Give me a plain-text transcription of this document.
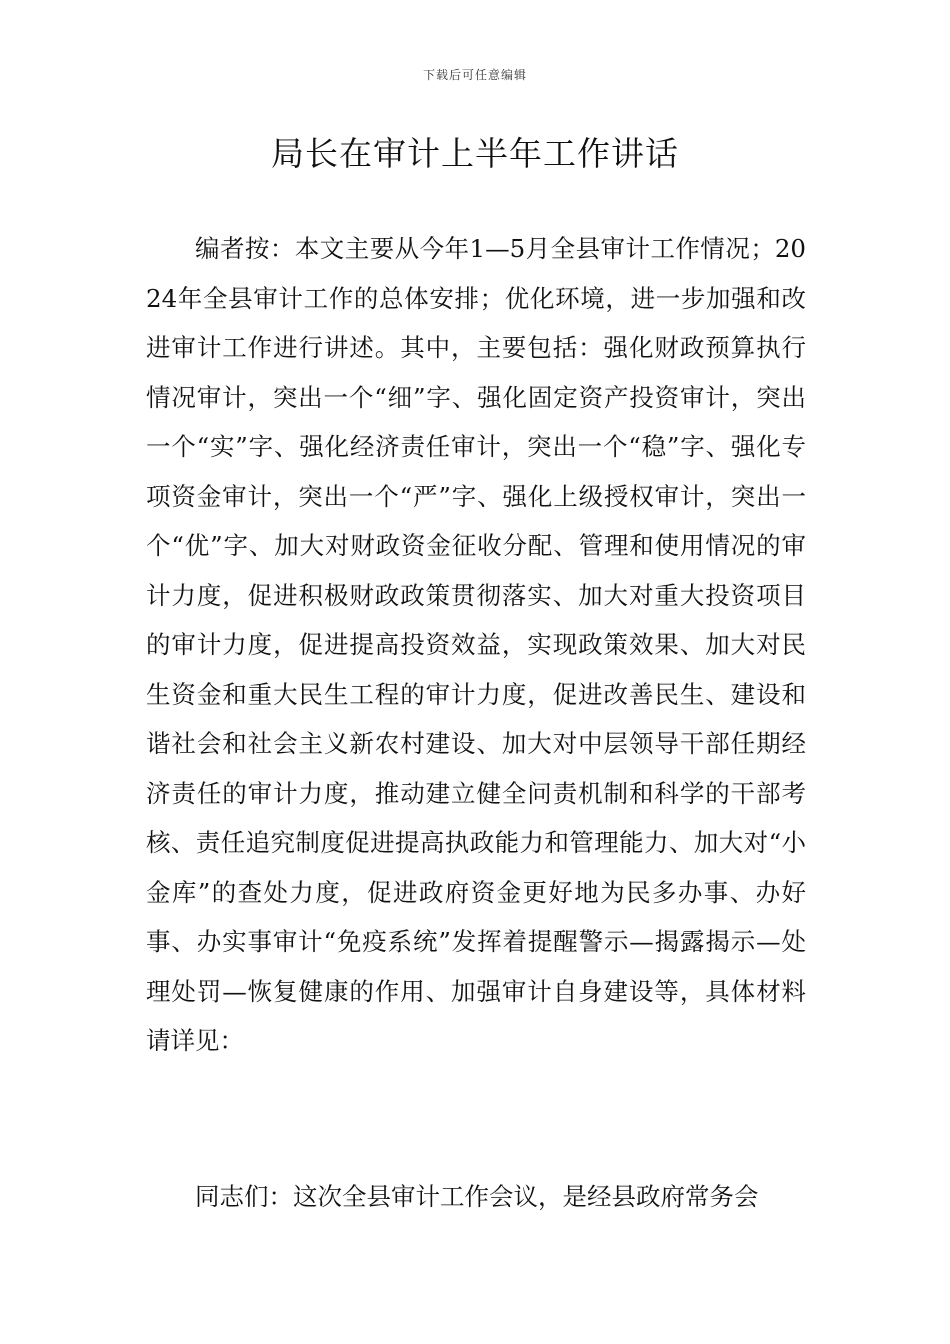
下载后可任意编辑
局长在审计上半年工作讲话

编者按：本文主要从今年1—5月全县审计工作情况；2024年全县审计工作的总体安排；优化环境，进一步加强和改进审计工作进行讲述。其中，主要包括：强化财政预算执行情况审计，突出一个“细”字、强化固定资产投资审计，突出一个“实”字、强化经济责任审计，突出一个“稳”字、强化专项资金审计，突出一个“严”字、强化上级授权审计，突出一个“优”字、加大对财政资金征收分配、管理和使用情况的审计力度，促进积极财政政策贯彻落实、加大对重大投资项目的审计力度，促进提高投资效益，实现政策效果、加大对民生资金和重大民生工程的审计力度，促进改善民生、建设和谐社会和社会主义新农村建设、加大对中层领导干部任期经济责任的审计力度，推动建立健全问责机制和科学的干部考核、责任追究制度促进提高执政能力和管理能力、加大对“小金库”的查处力度，促进政府资金更好地为民多办事、办好事、办实事审计“免疫系统”发挥着提醒警示—揭露揭示—处理处罚—恢复健康的作用、加强审计自身建设等，具体材料请详见：

同志们：这次全县审计工作会议，是经县政府常务会
